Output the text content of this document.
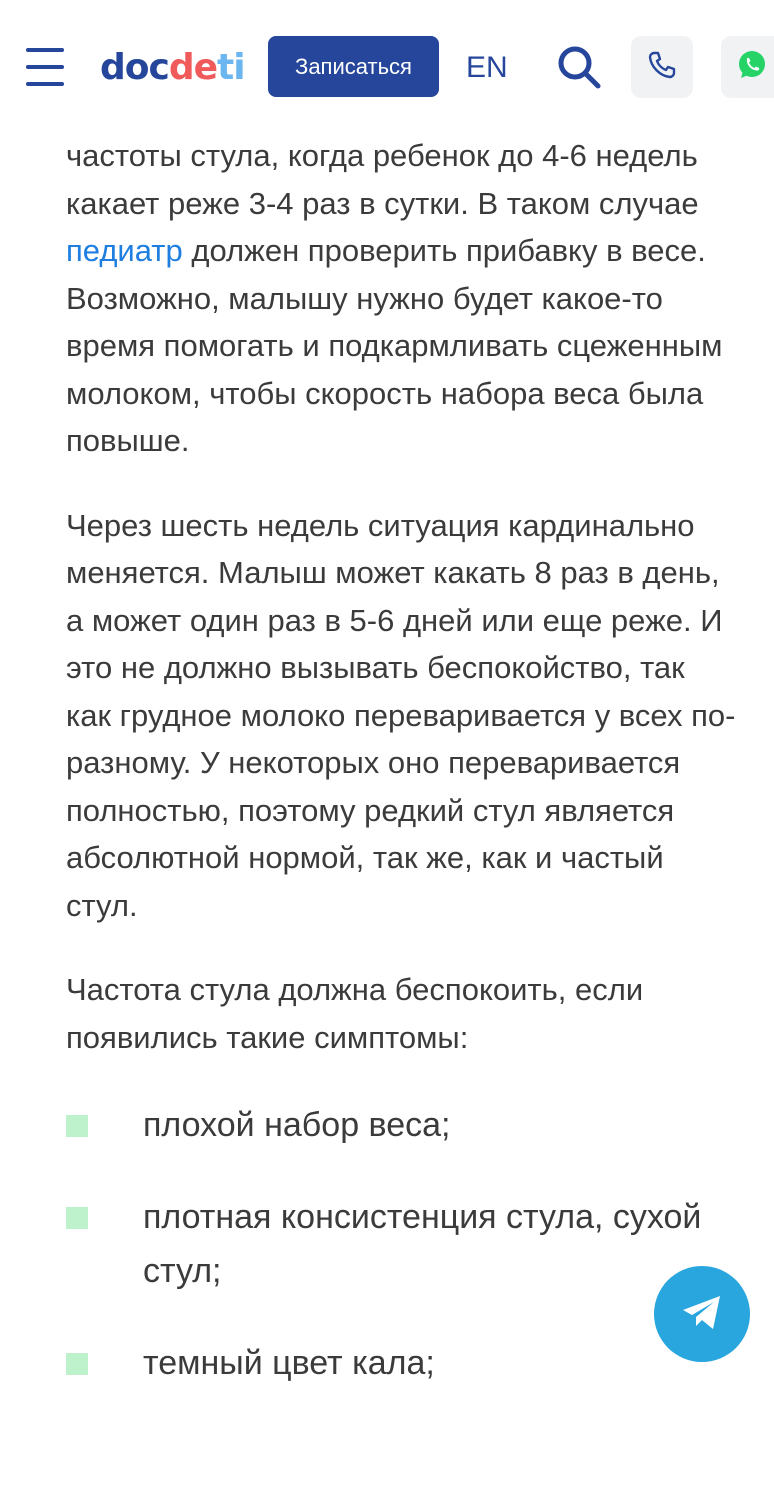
docdeti	Записаться	EN

частоты стула, когда ребенок до 4-6 недель какает реже 3-4 раз в сутки. В таком случае педиатр должен проверить прибавку в весе. Возможно, малышу нужно будет какое-то время помогать и подкармливать сцеженным молоком, чтобы скорость набора веса была повыше.

Через шесть недель ситуация кардинально меняется. Малыш может какать 8 раз в день, а может один раз в 5-6 дней или еще реже. И это не должно вызывать беспокойство, так как грудное молоко переваривается у всех по-разному. У некоторых оно переваривается полностью, поэтому редкий стул является абсолютной нормой, так же, как и частый стул.

Частота стула должна беспокоить, если появились такие симптомы:

плохой набор веса;
плотная консистенция стула, сухой стул;
темный цвет кала;
